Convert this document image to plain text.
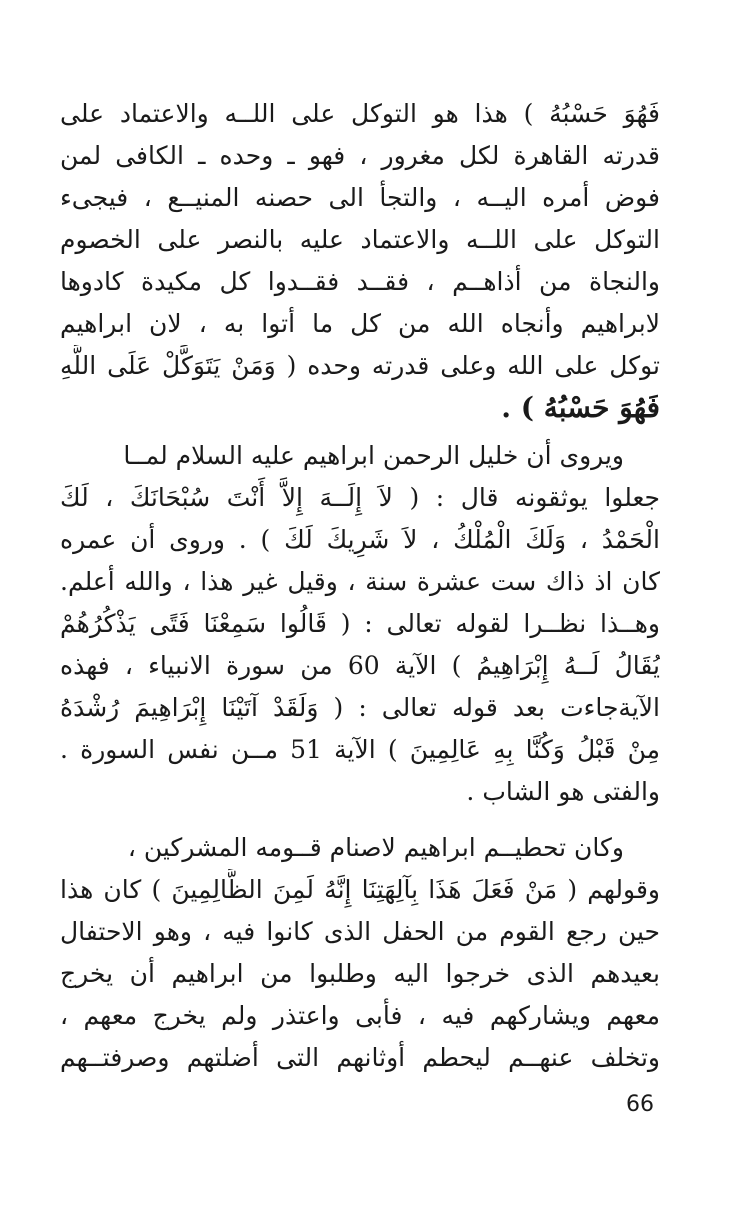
فَهُوَ حَسْبُهُ ) هذا هو التوكل على اللــه والاعتماد على
قدرته القاهرة لكل مغرور ، فهو ـ وحده ـ الكافى لمن
فوض أمره اليــه ، والتجأ الى حصنه المنيــع ، فيجىء
التوكل على اللــه والاعتماد عليه بالنصر على الخصوم
والنجاة من أذاهــم ، فقــد فقــدوا كل مكيدة كادوها
لابراهيم وأنجاه الله من كل ما أتوا به ، لان ابراهيم
توكل على الله وعلى قدرته وحده ( وَمَنْ يَتَوَكَّلْ عَلَى اللَّهِ
فَهُوَ حَسْبُهُ ) .
ويروى أن خليل الرحمن ابراهيم عليه السلام لمــا
جعلوا يوثقونه قال : ( لاَ إِلَــهَ إِلاَّ أَنْتَ سُبْحَانَكَ ، لَكَ
الْحَمْدُ ، وَلَكَ الْمُلْكُ ، لاَ شَرِيكَ لَكَ ) . وروى أن عمره
كان اذ ذاك ست عشرة سنة ، وقيل غير هذا ، والله أعلم.
وهــذا نظــرا لقوله تعالى : ( قَالُوا سَمِعْنَا فَتًى يَذْكُرُهُمْ
يُقَالُ لَــهُ إِبْرَاهِيمُ ) الآية 60 من سورة الانبياء ، فهذه
الآيةجاءت بعد قوله تعالى : ( وَلَقَدْ آتَيْنَا إِبْرَاهِيمَ رُشْدَهُ
مِنْ قَبْلُ وَكُنَّا بِهِ عَالِمِينَ ) الآية 51 مــن نفس السورة .
والفتى هو الشاب .
وكان تحطيــم ابراهيم لاصنام قــومه المشركين ،
وقولهم ( مَنْ فَعَلَ هَذَا بِآلِهَتِنَا إِنَّهُ لَمِنَ الظَّالِمِينَ ) كان هذا
حين رجع القوم من الحفل الذى كانوا فيه ، وهو الاحتفال
بعيدهم الذى خرجوا اليه وطلبوا من ابراهيم أن يخرج
معهم ويشاركهم فيه ، فأبى واعتذر ولم يخرج معهم ،
وتخلف عنهــم ليحطم أوثانهم التى أضلتهم وصرفتــهم
66
